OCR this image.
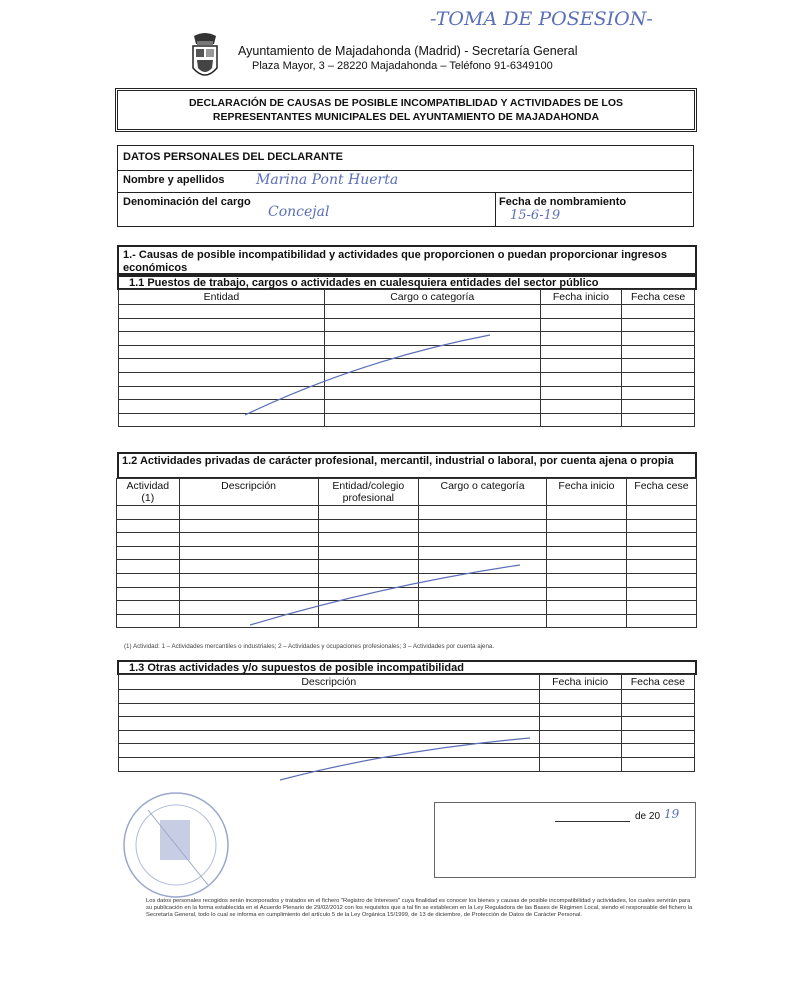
-TOMA DE POSESION-
Ayuntamiento de Majadahonda (Madrid) - Secretaría General
Plaza Mayor, 3 – 28220 Majadahonda – Teléfono 91-6349100
DECLARACIÓN DE CAUSAS DE POSIBLE INCOMPATIBLIDAD Y ACTIVIDADES DE LOS
REPRESENTANTES MUNICIPALES DEL AYUNTAMIENTO DE MAJADAHONDA
DATOS PERSONALES DEL DECLARANTE
Nombre y apellidos Marina Pont Huerta
Denominación del cargo
Concejal
Fecha de nombramiento
15-6-19
1.- Causas de posible incompatibilidad y actividades que proporcionen o puedan proporcionar ingresos económicos
1.1 Puestos de trabajo, cargos o actividades en cualesquiera entidades del sector público
Entidad	Cargo o categoría	Fecha inicio	Fecha cese

1.2 Actividades privadas de carácter profesional, mercantil, industrial o laboral, por cuenta ajena o propia
Actividad (1)	Descripción	Entidad/colegio profesional	Cargo o categoría	Fecha inicio	Fecha cese

(1) Actividad: 1 – Actividades mercantiles o industriales; 2 – Actividades y ocupaciones profesionales; 3 – Actividades por cuenta ajena.
1.3 Otras actividades y/o supuestos de posible incompatibilidad
Descripción	Fecha inicio	Fecha cese

de 20 19
Los datos personales recogidos serán incorporados y tratados en el fichero "Registro de Intereses" cuya finalidad es conocer los bienes y causas de posible incompatibilidad y actividades, los cuales servirán para su publicación en la forma establecida en el Acuerdo Plenario de 29/02/2012 con los requisitos que a tal fin se establecen en la Ley Reguladora de las Bases de Régimen Local, siendo el responsable del fichero la Secretaría General, todo lo cual se informa en cumplimiento del artículo 5 de la Ley Orgánica 15/1999, de 13 de diciembre, de Protección de Datos de Carácter Personal.
